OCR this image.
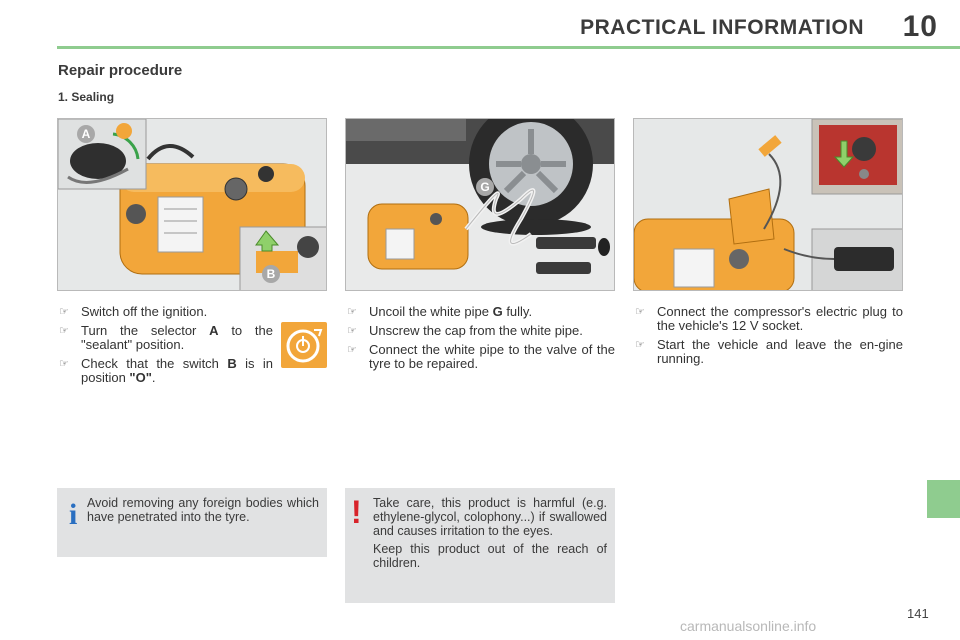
PRACTICAL INFORMATION 10
Repair procedure
1. Sealing
A
B
G
☞ Switch off the ignition.
☞ Turn the selector A to the "sealant" position.
☞ Check that the switch B is in position "O".
☞ Uncoil the white pipe G fully.
☞ Unscrew the cap from the white pipe.
☞ Connect the white pipe to the valve of the tyre to be repaired.
☞ Connect the compressor's electric plug to the vehicle's 12 V socket.
☞ Start the vehicle and leave the en-gine running.
i Avoid removing any foreign bodies which have penetrated into the tyre.	! Take care, this product is harmful (e.g. ethylene-glycol, colophony...) if swallowed and causes irritation to the eyes.

Keep this product out of the reach of children.

141
carmanualsonline.info
